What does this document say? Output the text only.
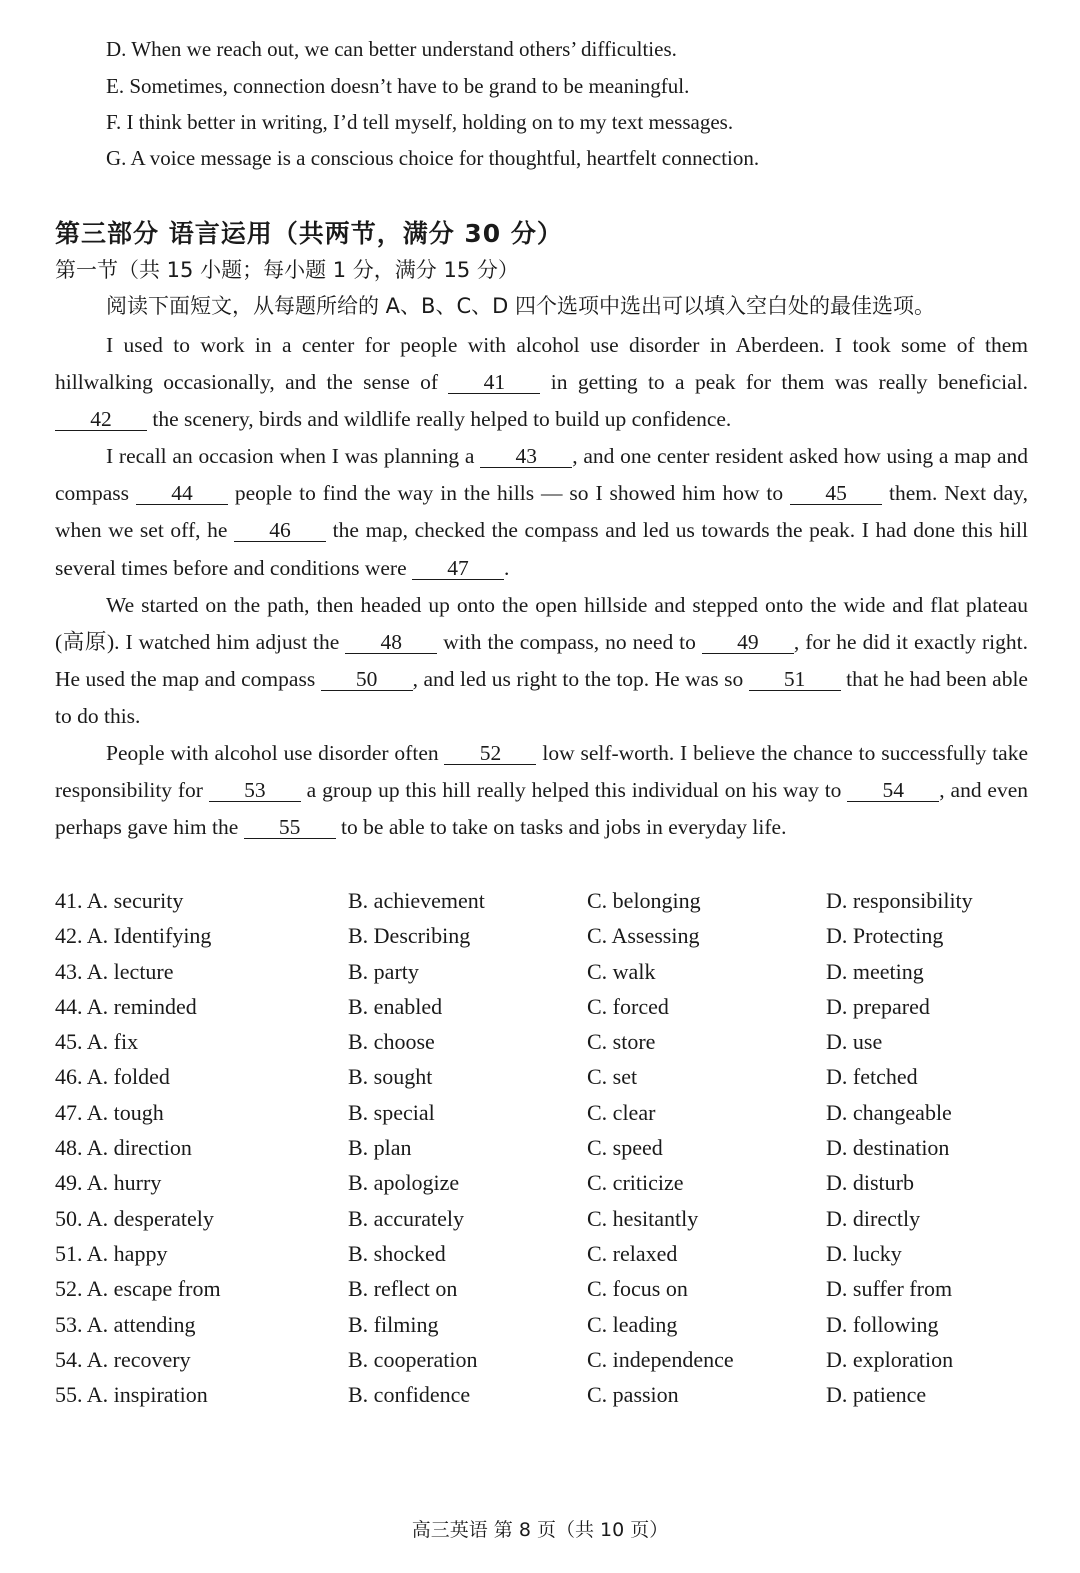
D. When we reach out, we can better understand others’ difficulties.
E. Sometimes, connection doesn’t have to be grand to be meaningful.
F. I think better in writing, I’d tell myself, holding on to my text messages.
G. A voice message is a conscious choice for thoughtful, heartfelt connection.
第三部分 语言运用（共两节，满分 30 分）
第一节（共 15 小题；每小题 1 分，满分 15 分）
阅读下面短文，从每题所给的 A、B、C、D 四个选项中选出可以填入空白处的最佳选项。

I used to work in a center for people with alcohol use disorder in Aberdeen. I took some of them hillwalking occasionally, and the sense of 41 in getting to a peak for them was really beneficial. 42 the scenery, birds and wildlife really helped to build up confidence.

I recall an occasion when I was planning a 43 , and one center resident asked how using a map and compass 44 people to find the way in the hills — so I showed him how to 45 them. Next day, when we set off, he 46 the map, checked the compass and led us towards the peak. I had done this hill several times before and conditions were 47 .

We started on the path, then headed up onto the open hillside and stepped onto the wide and flat plateau (高原). I watched him adjust the 48 with the compass, no need to 49 , for he did it exactly right. He used the map and compass 50 , and led us right to the top. He was so 51 that he had been able to do this.

People with alcohol use disorder often 52 low self-worth. I believe the chance to successfully take responsibility for 53 a group up this hill really helped this individual on his way to 54 , and even perhaps gave him the 55 to be able to take on tasks and jobs in everyday life.

41. A. security	B. achievement	C. belonging	D. responsibility
42. A. Identifying	B. Describing	C. Assessing	D. Protecting
43. A. lecture	B. party	C. walk	D. meeting
44. A. reminded	B. enabled	C. forced	D. prepared
45. A. fix	B. choose	C. store	D. use
46. A. folded	B. sought	C. set	D. fetched
47. A. tough	B. special	C. clear	D. changeable
48. A. direction	B. plan	C. speed	D. destination
49. A. hurry	B. apologize	C. criticize	D. disturb
50. A. desperately	B. accurately	C. hesitantly	D. directly
51. A. happy	B. shocked	C. relaxed	D. lucky
52. A. escape from	B. reflect on	C. focus on	D. suffer from
53. A. attending	B. filming	C. leading	D. following
54. A. recovery	B. cooperation	C. independence	D. exploration
55. A. inspiration	B. confidence	C. passion	D. patience
高三英语 第 8 页（共 10 页）
